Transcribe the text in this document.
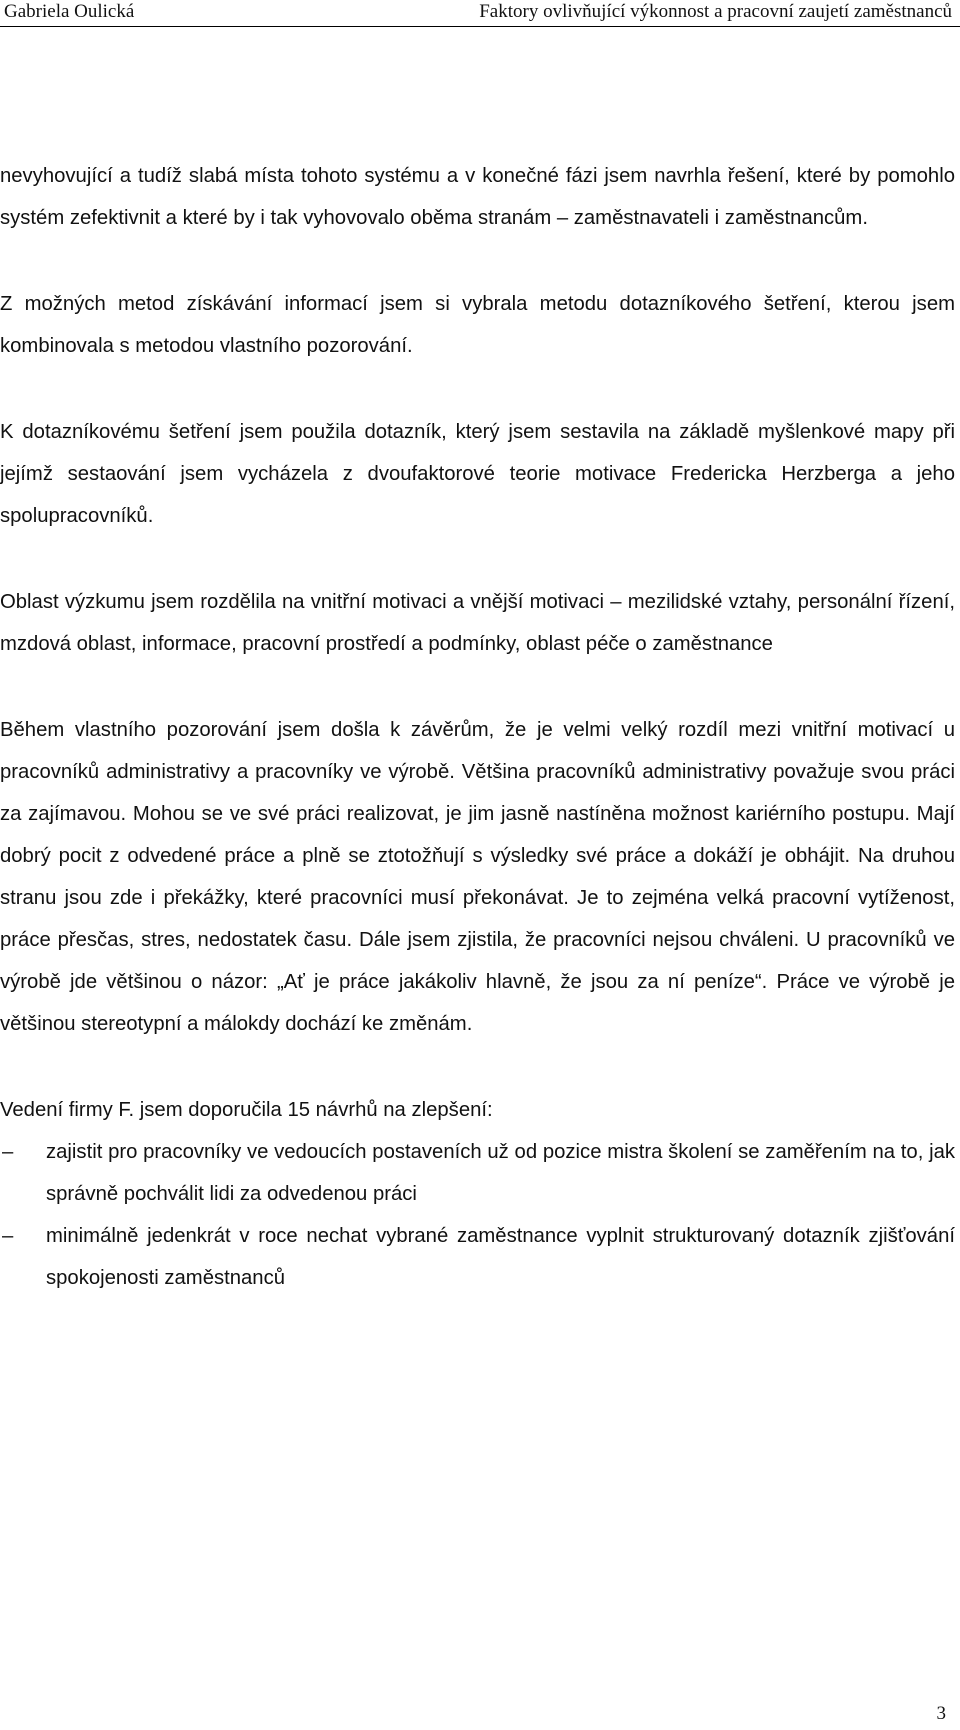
Gabriela Oulická	Faktory ovlivňující výkonnost a pracovní zaujetí zaměstnanců

nevyhovující a tudíž slabá místa tohoto systému a v konečné fázi jsem navrhla řešení, které by pomohlo systém zefektivnit a které by i tak vyhovovalo oběma stranám – zaměstnavateli i zaměstnancům.

Z možných metod získávání informací jsem si vybrala metodu dotazníkového šetření, kterou jsem kombinovala s metodou vlastního pozorování.

K dotazníkovému šetření jsem použila dotazník, který jsem sestavila na základě myšlenkové mapy při jejímž sestaování jsem vycházela z dvoufaktorové teorie motivace Fredericka Herzberga a jeho spolupracovníků.

Oblast výzkumu jsem rozdělila na vnitřní motivaci a vnější motivaci – mezilidské vztahy, personální řízení, mzdová oblast, informace, pracovní prostředí a podmínky, oblast péče o zaměstnance

Během vlastního pozorování jsem došla k závěrům, že je velmi velký rozdíl mezi vnitřní motivací u pracovníků administrativy a pracovníky ve výrobě. Většina pracovníků administrativy považuje svou práci za zajímavou. Mohou se ve své práci realizovat, je jim jasně nastíněna možnost kariérního postupu. Mají dobrý pocit z odvedené práce a plně se ztotožňují s výsledky své práce a dokáží je obhájit. Na druhou stranu jsou zde i překážky, které pracovníci musí překonávat. Je to zejména velká pracovní vytíženost, práce přesčas, stres, nedostatek času. Dále jsem zjistila, že pracovníci nejsou chváleni. U pracovníků ve výrobě jde většinou o názor: „Ať je práce jakákoliv hlavně, že jsou za ní peníze“. Práce ve výrobě je většinou stereotypní a málokdy dochází ke změnám.

Vedení firmy F. jsem doporučila 15 návrhů na zlepšení:

–	zajistit pro pracovníky ve vedoucích postaveních už od pozice mistra školení se zaměřením na to, jak správně pochválit lidi za odvedenou práci
–	minimálně jedenkrát v roce nechat vybrané zaměstnance vyplnit strukturovaný dotazník zjišťování spokojenosti zaměstnanců
3
